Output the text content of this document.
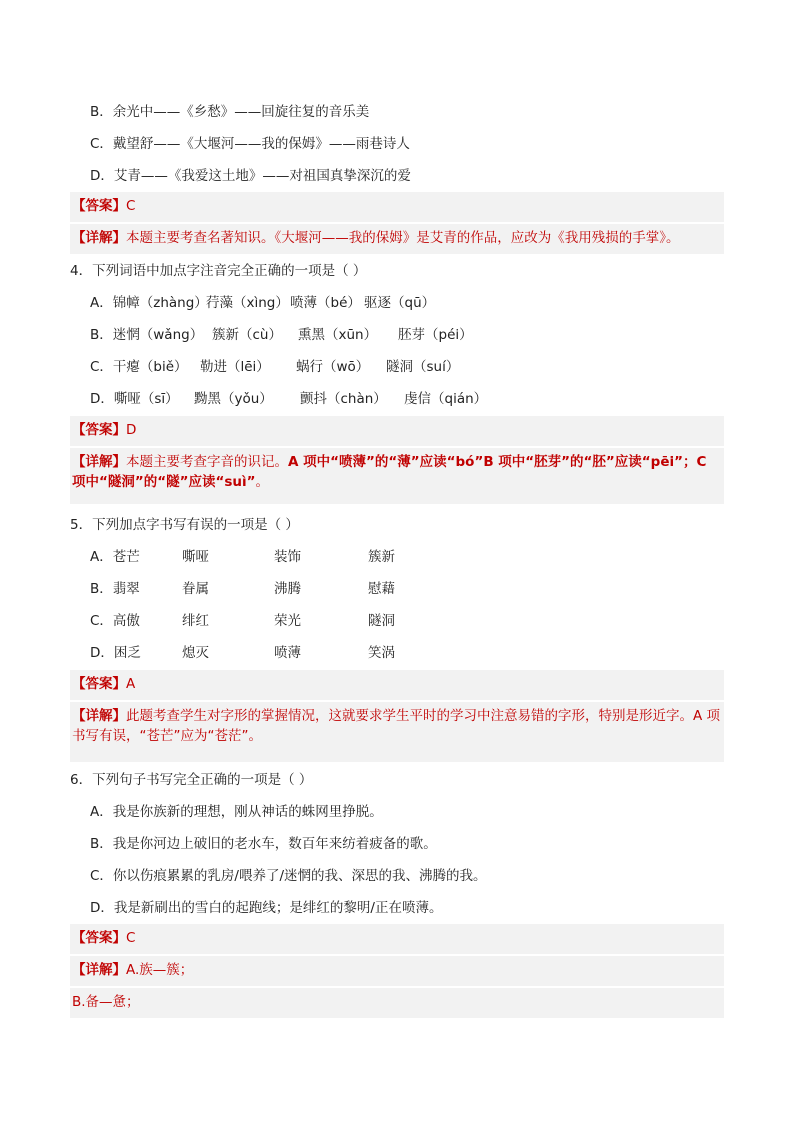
B．余光中——《乡愁》——回旋往复的音乐美
C．戴望舒——《大堰河——我的保姆》——雨巷诗人
D．艾青——《我爱这土地》——对祖国真挚深沉的爱
【答案】C
【详解】本题主要考查名著知识。《大堰河——我的保姆》是艾青的作品，应改为《我用残损的手掌》。
4．下列词语中加点字注音完全正确的一项是（ ）
A．锦幛（zhàng）荇藻（xìng）喷薄（bé） 驱逐（qū）
B．迷惘（wǎng） 簇新（cù） 熏黑（xūn） 胚芽（péi）
C．干瘪（biě） 勒进（lēi） 蜗行（wō） 隧洞（suí）
D．嘶哑（sī） 黝黑（yǒu） 颤抖（chàn） 虔信（qián）
【答案】D
【详解】本题主要考查字音的识记。A 项中“喷薄”的“薄”应读“bó”B 项中“胚芽”的“胚”应读“pēi”；C 项中“隧洞”的“隧”应读“suì”。
5．下列加点字书写有误的一项是（ ）
A．苍芒	嘶哑	装饰	簇新
B．翡翠	眷属	沸腾	慰藉
C．高傲	绯红	荣光	隧洞
D．困乏	熄灭	喷薄	笑涡
【答案】A
【详解】此题考查学生对字形的掌握情况，这就要求学生平时的学习中注意易错的字形，特别是形近字。A 项书写有误，“苍芒”应为“苍茫”。
6．下列句子书写完全正确的一项是（ ）
A．我是你族新的理想，刚从神话的蛛网里挣脱。
B．我是你河边上破旧的老水车，数百年来纺着疲备的歌。
C．你以伤痕累累的乳房/喂养了/迷惘的我、深思的我、沸腾的我。
D．我是新刷出的雪白的起跑线；是绯红的黎明/正在喷薄。
【答案】C
【详解】A.族—簇；
B.备—惫；
